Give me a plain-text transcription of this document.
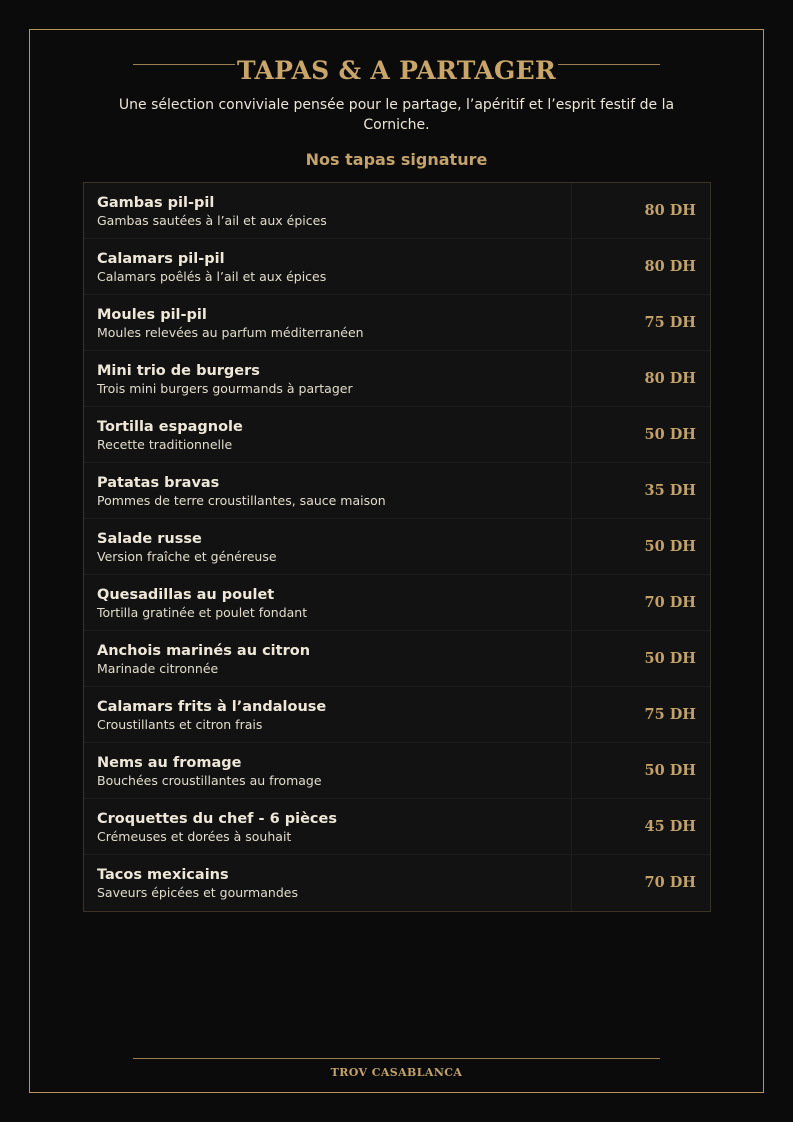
TAPAS & A PARTAGER
Une sélection conviviale pensée pour le partage, l’apéritif et l’esprit festif de la Corniche.
Nos tapas signature
Gambas pil-pil
Gambas sautées à l’ail et aux épices
80 DH
Calamars pil-pil
Calamars poêlés à l’ail et aux épices
80 DH
Moules pil-pil
Moules relevées au parfum méditerranéen
75 DH
Mini trio de burgers
Trois mini burgers gourmands à partager
80 DH
Tortilla espagnole
Recette traditionnelle
50 DH
Patatas bravas
Pommes de terre croustillantes, sauce maison
35 DH
Salade russe
Version fraîche et généreuse
50 DH
Quesadillas au poulet
Tortilla gratinée et poulet fondant
70 DH
Anchois marinés au citron
Marinade citronnée
50 DH
Calamars frits à l’andalouse
Croustillants et citron frais
75 DH
Nems au fromage
Bouchées croustillantes au fromage
50 DH
Croquettes du chef - 6 pièces
Crémeuses et dorées à souhait
45 DH
Tacos mexicains
Saveurs épicées et gourmandes
70 DH
TROV CASABLANCA
